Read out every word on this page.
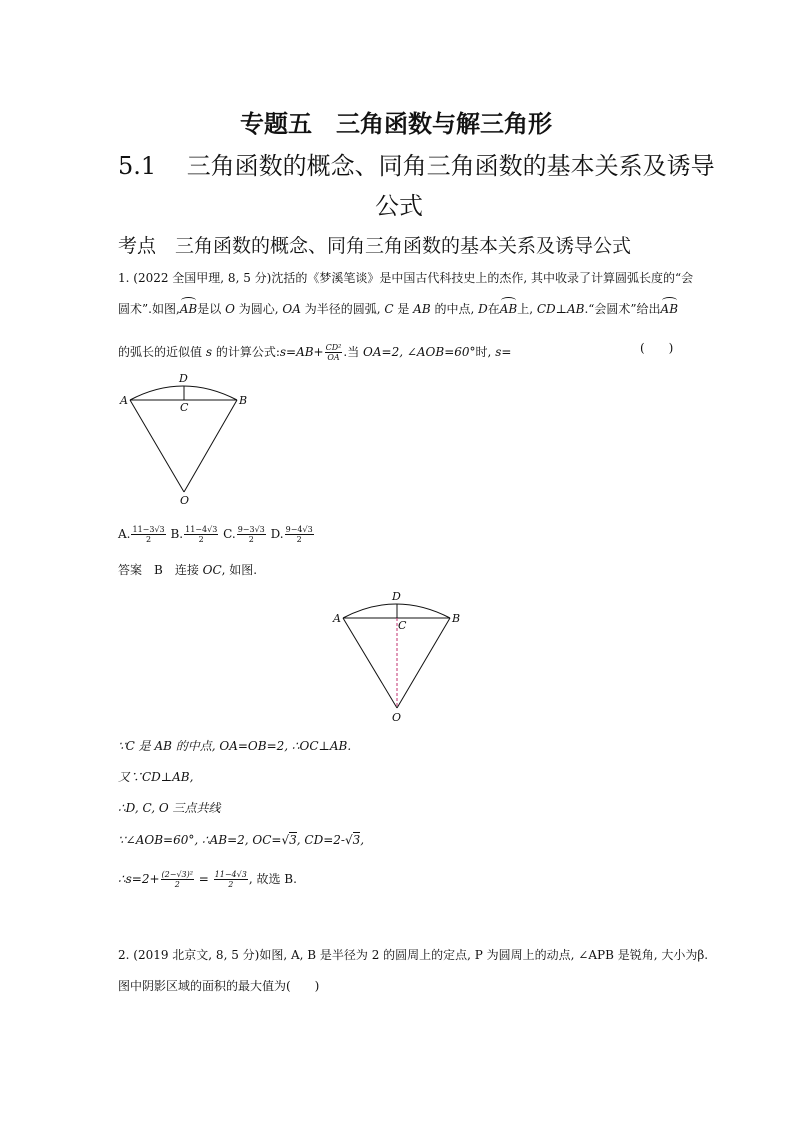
专题五　三角函数与解三角形
5.1 三角函数的概念、同角三角函数的基本关系及诱导
公式
考点　三角函数的概念、同角三角函数的基本关系及诱导公式
1. (2022 全国甲理, 8, 5 分)沈括的《梦溪笔谈》是中国古代科技史上的杰作, 其中收录了计算圆弧长度的“会
圆术”.如图,AB是以 O 为圆心, OA 为半径的圆弧, C 是 AB 的中点, D在AB上, CD⊥AB.“会圆术”给出AB
的弧长的近似值 s 的计算公式:s=AB+ $\frac{\text{CD²}}{OA}$ .当 OA=2, ∠AOB=60°时, s=	(　　)
A	B
C
D
O
A. $\frac{11-3√3}{2} B$. $\frac{11-4√3}{2} C$. $\frac{9-3√3}{2} D$. $\frac{9-4√3}{2}$
答案　B　连接 OC, 如图.
A	B
C
D
O
∵C 是 AB 的中点, OA=OB=2, ∴OC⊥AB.
又∵CD⊥AB,
∴D, C, O 三点共线
∵∠AOB=60°, ∴AB=2, OC=√3, CD=2-√3,
∴s=2+ $\frac{\text{(2−√3)²}}{2} = \frac{11-4√3}{2}$ , 故选 B.
2. (2019 北京文, 8, 5 分)如图, A, B 是半径为 2 的圆周上的定点, P 为圆周上的动点, ∠APB 是锐角, 大小为β.
图中阴影区域的面积的最大值为(　　)
